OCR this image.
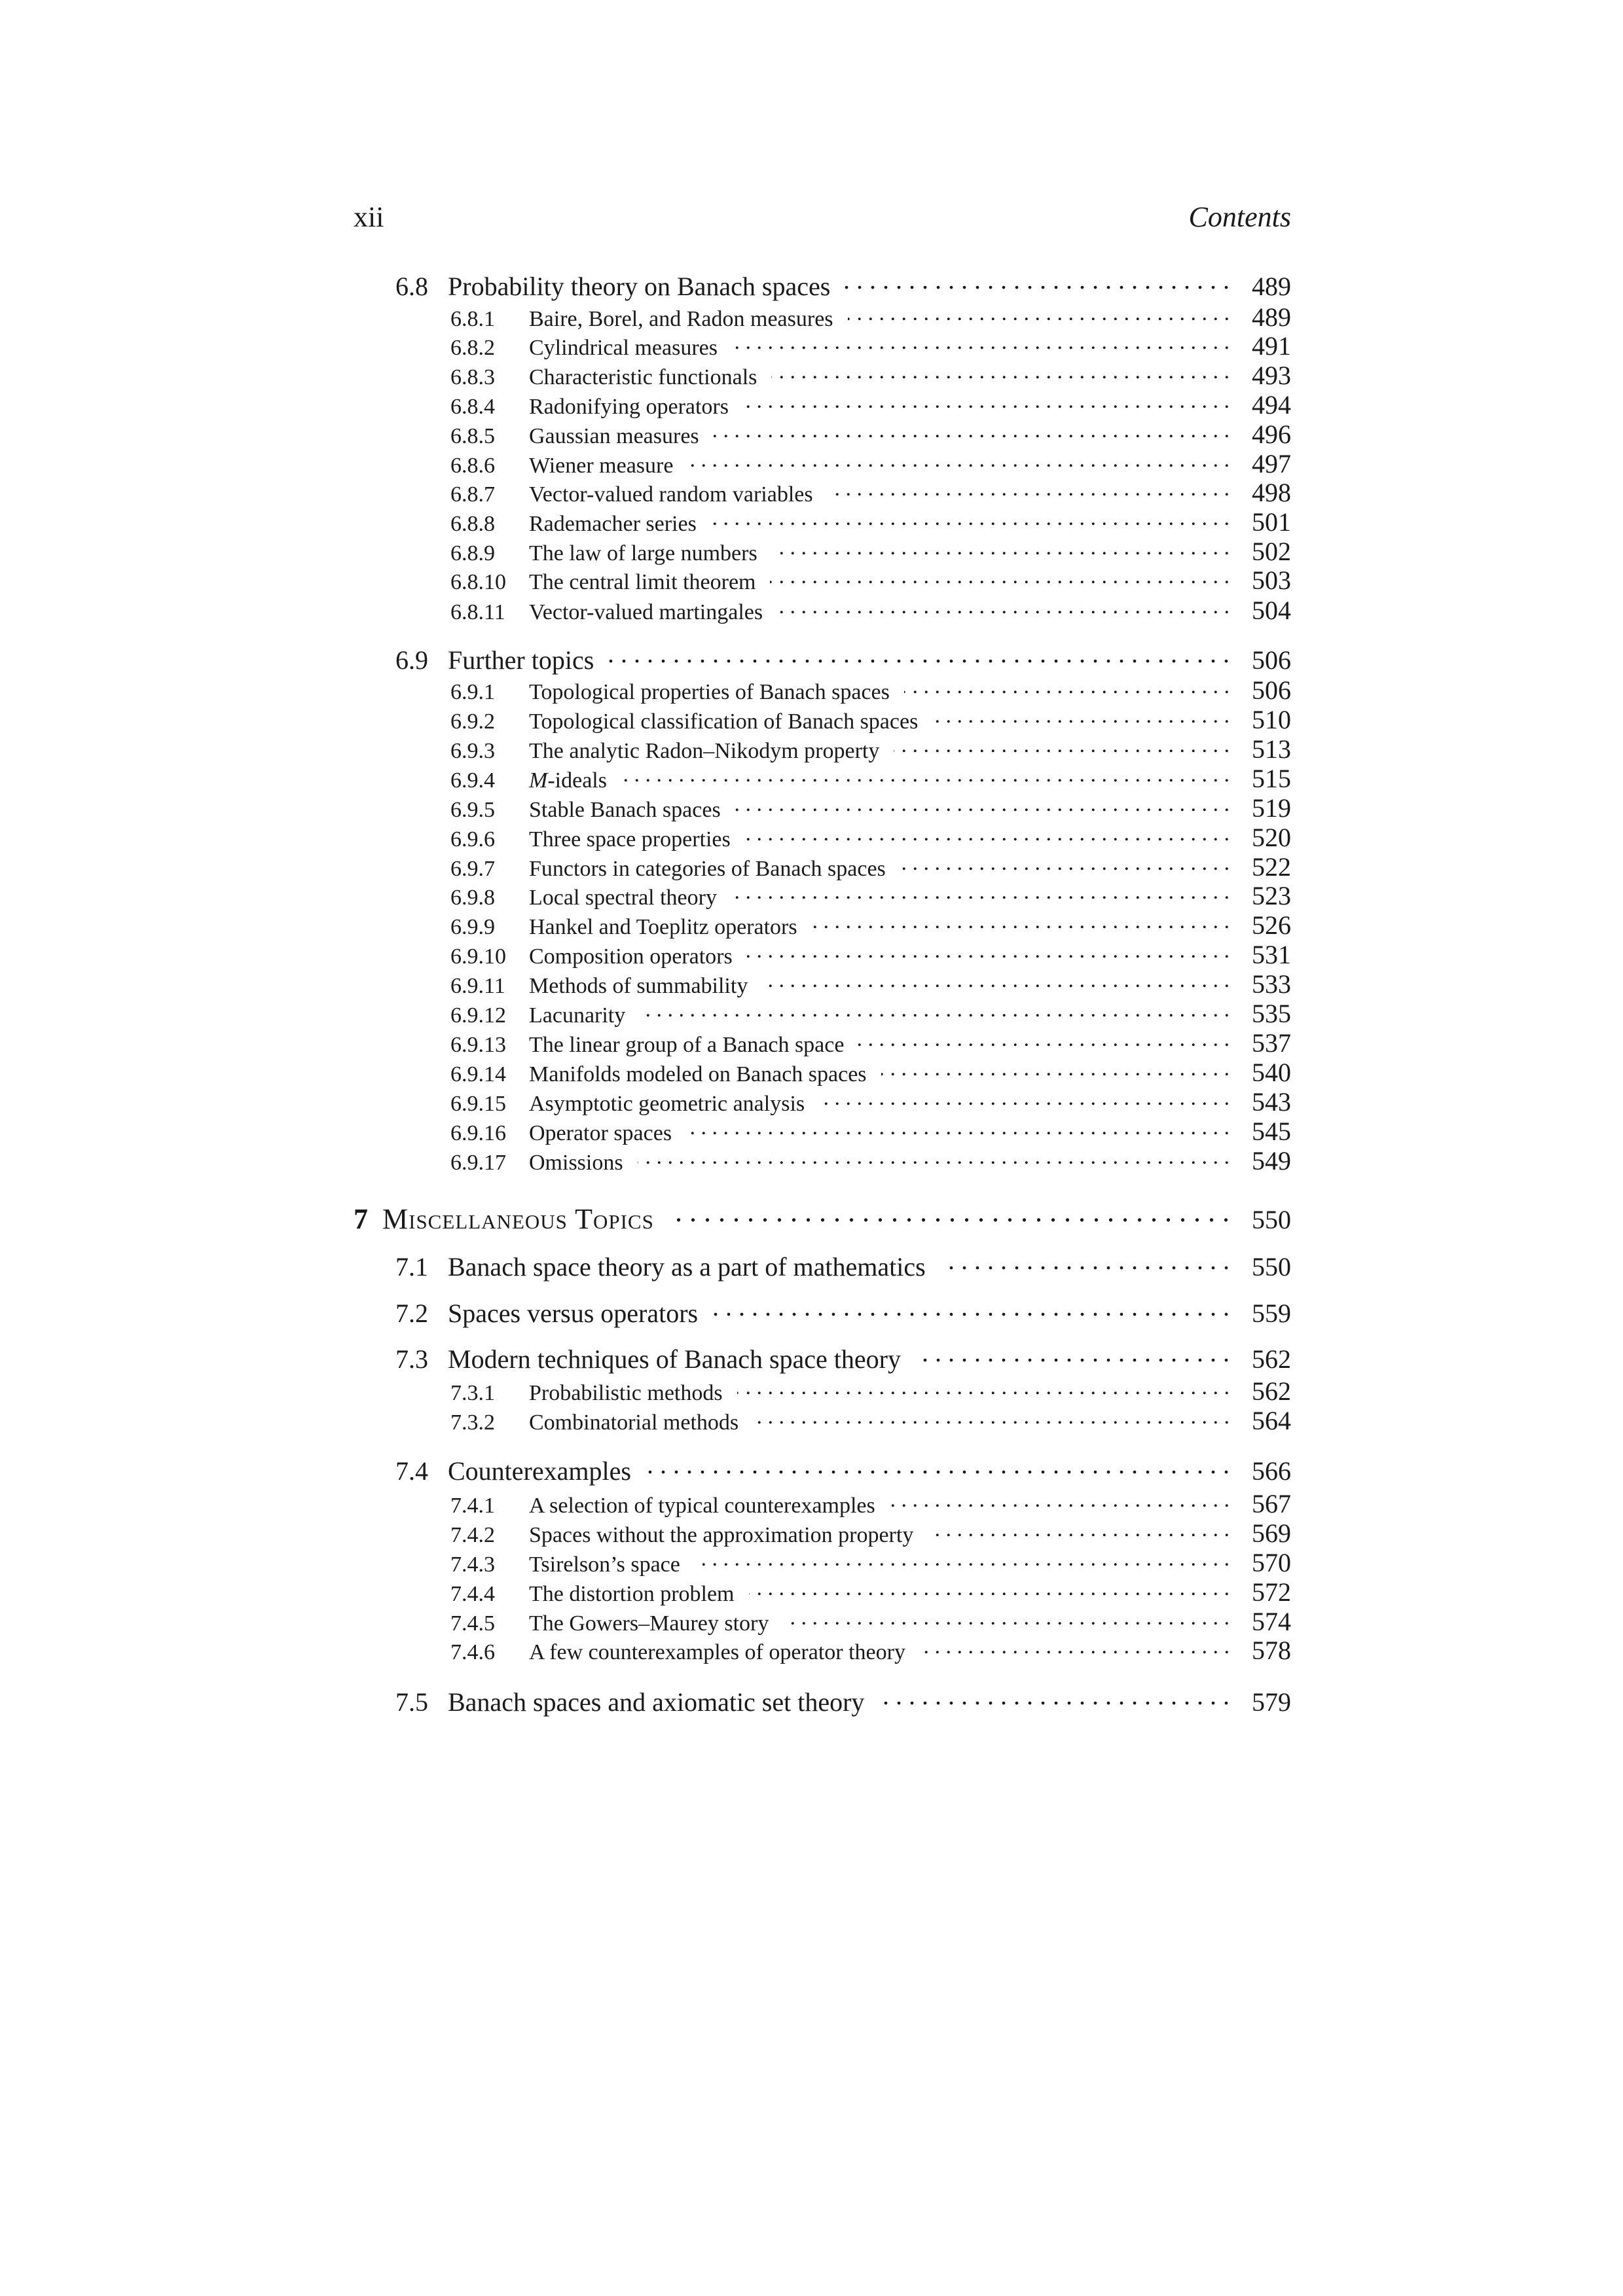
xii	Contents
6.8 Probability theory on Banach spaces . . .	489
6.8.1	Baire, Borel, and Radon measures . . .	489
6.8.2	Cylindrical measures . . .	491
6.8.3	Characteristic functionals . . .	493
6.8.4	Radonifying operators . . .	494
6.8.5	Gaussian measures . . .	496
6.8.6	Wiener measure . . .	497
6.8.7	Vector-valued random variables . . .	498
6.8.8	Rademacher series . . .	501
6.8.9	The law of large numbers . . .	502
6.8.10	The central limit theorem . . .	503
6.8.11	Vector-valued martingales . . .	504
6.9 Further topics . . .	506
6.9.1	Topological properties of Banach spaces . . .	506
6.9.2	Topological classification of Banach spaces . . .	510
6.9.3	The analytic Radon–Nikodym property . . .	513
6.9.4	M-ideals . . .	515
6.9.5	Stable Banach spaces . . .	519
6.9.6	Three space properties . . .	520
6.9.7	Functors in categories of Banach spaces . . .	522
6.9.8	Local spectral theory . . .	523
6.9.9	Hankel and Toeplitz operators . . .	526
6.9.10	Composition operators . . .	531
6.9.11	Methods of summability . . .	533
6.9.12	Lacunarity . . .	535
6.9.13	The linear group of a Banach space . . .	537
6.9.14	Manifolds modeled on Banach spaces . . .	540
6.9.15	Asymptotic geometric analysis . . .	543
6.9.16	Operator spaces . . .	545
6.9.17	Omissions . . .	549
7 Miscellaneous Topics . . .	550
7.1 Banach space theory as a part of mathematics . . .	550
7.2 Spaces versus operators . . .	559
7.3 Modern techniques of Banach space theory . . .	562
7.3.1	Probabilistic methods . . .	562
7.3.2	Combinatorial methods . . .	564
7.4 Counterexamples . . .	566
7.4.1	A selection of typical counterexamples . . .	567
7.4.2	Spaces without the approximation property . . .	569
7.4.3	Tsirelson’s space . . .	570
7.4.4	The distortion problem . . .	572
7.4.5	The Gowers–Maurey story . . .	574
7.4.6	A few counterexamples of operator theory . . .	578
7.5 Banach spaces and axiomatic set theory . . .	579
